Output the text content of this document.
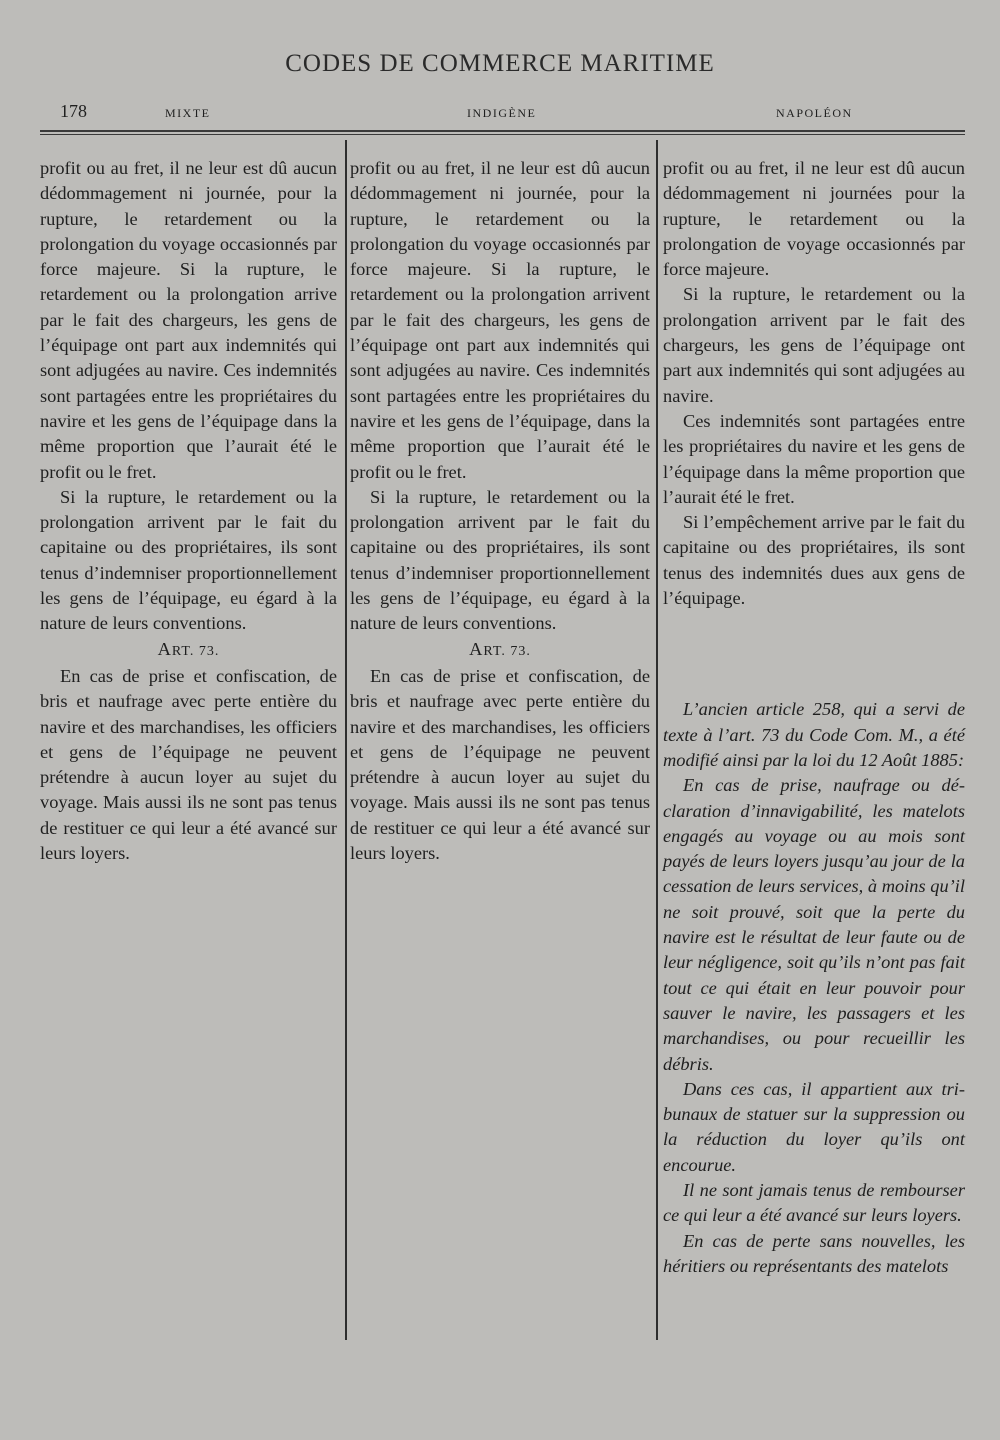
CODES DE COMMERCE MARITIME
178	MIXTE	INDIGÈNE	NAPOLÉON

profit ou au fret, il ne leur est dû aucun dédommagement ni journée, pour la rupture, le retardement ou la prolongation du voyage occasionnés par force majeure. Si la rupture, le retardement ou la prolongation arrive par le fait des chargeurs, les gens de l’équipage ont part aux indemnités qui sont adjugées au navire. Ces indemnités sont partagées entre les propriétaires du navire et les gens de l’équipage dans la même proportion que l’aurait été le profit ou le fret.

Si la rupture, le retardement ou la prolongation arrivent par le fait du capitaine ou des propriétaires, ils sont tenus d’indemniser proportionnellement les gens de l’équipage, eu égard à la nature de leurs conventions.

ART. 73.

En cas de prise et confiscation, de bris et naufrage avec perte entière du navire et des marchandises, les officiers et gens de l’équipage ne peuvent prétendre à aucun loyer au sujet du voyage. Mais aussi ils ne sont pas tenus de restituer ce qui leur a été avancé sur leurs loyers.

profit ou au fret, il ne leur est dû aucun dédommagement ni journée, pour la rupture, le retardement ou la prolongation du voyage occasionnés par force majeure. Si la rupture, le retardement ou la prolongation arrivent par le fait des chargeurs, les gens de l’équipage ont part aux indemnités qui sont adjugées au navire. Ces indemnités sont partagées entre les propriétaires du navire et les gens de l’équipage, dans la même proportion que l’aurait été le profit ou le fret.

Si la rupture, le retardement ou la prolongation arrivent par le fait du capitaine ou des propriétaires, ils sont tenus d’indemniser proportionnellement les gens de l’équipage, eu égard à la nature de leurs conventions.

ART. 73.

En cas de prise et confiscation, de bris et naufrage avec perte entière du navire et des marchandises, les officiers et gens de l’équipage ne peuvent prétendre à aucun loyer au sujet du voyage. Mais aussi ils ne sont pas tenus de restituer ce qui leur a été avancé sur leurs loyers.

profit ou au fret, il ne leur est dû aucun dédommagement ni journées pour la rupture, le retardement ou la prolongation de voyage occasionnés par force majeure.

Si la rupture, le retardement ou la prolongation arrivent par le fait des chargeurs, les gens de l’équipage ont part aux indemnités qui sont adjugées au navire.

Ces indemnités sont partagées entre les propriétaires du navire et les gens de l’équipage dans la même proportion que l’aurait été le fret.

Si l’empêchement arrive par le fait du capitaine ou des propriétaires, ils sont tenus des indemnités dues aux gens de l’équipage.

L’ancien article 258, qui a servi de texte à l’art. 73 du Code Com. M., a été modifié ainsi par la loi du 12 Août 1885:

En cas de prise, naufrage ou déclaration d’innavigabilité, les matelots engagés au voyage ou au mois sont payés de leurs loyers jusqu’au jour de la cessation de leurs services, à moins qu’il ne soit prouvé, soit que la perte du navire est le résultat de leur faute ou de leur négligence, soit qu’ils n’ont pas fait tout ce qui était en leur pouvoir pour sauver le navire, les passagers et les marchandises, ou pour recueillir les débris.

Dans ces cas, il appartient aux tribunaux de statuer sur la suppression ou la réduction du loyer qu’ils ont encourue.

Il ne sont jamais tenus de rembourser ce qui leur a été avancé sur leurs loyers.

En cas de perte sans nouvelles, les héritiers ou représentants des matelots
